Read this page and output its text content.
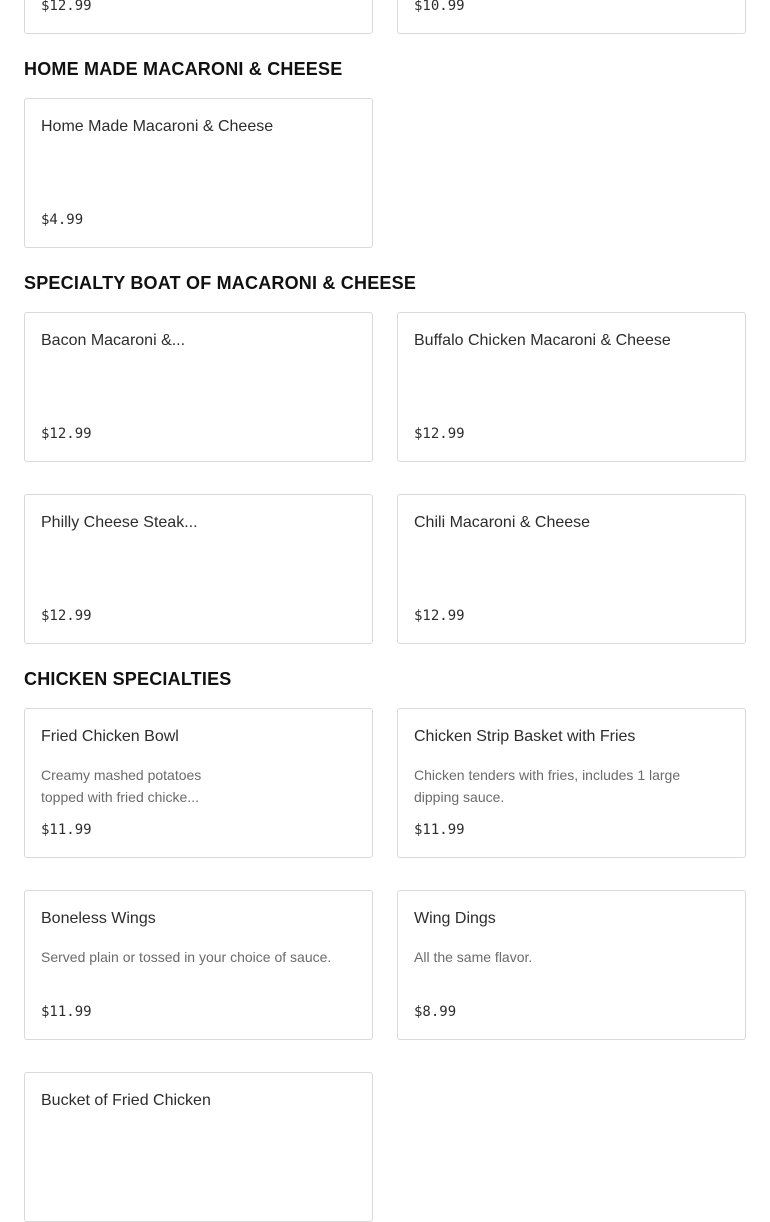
$12.99	$10.99
HOME MADE MACARONI & CHEESE
Home Made Macaroni & Cheese
$4.99
SPECIALTY BOAT OF MACARONI & CHEESE
Bacon Macaroni &...
$12.99
Buffalo Chicken Macaroni & Cheese
$12.99
Philly Cheese Steak...
$12.99
Chili Macaroni & Cheese
$12.99
CHICKEN SPECIALTIES
Fried Chicken Bowl
Creamy mashed potatoes topped with fried chicke...
$11.99
Chicken Strip Basket with Fries
Chicken tenders with fries, includes 1 large dipping sauce.
$11.99
Boneless Wings
Served plain or tossed in your choice of sauce.
$11.99
Wing Dings
All the same flavor.
$8.99
Bucket of Fried Chicken
